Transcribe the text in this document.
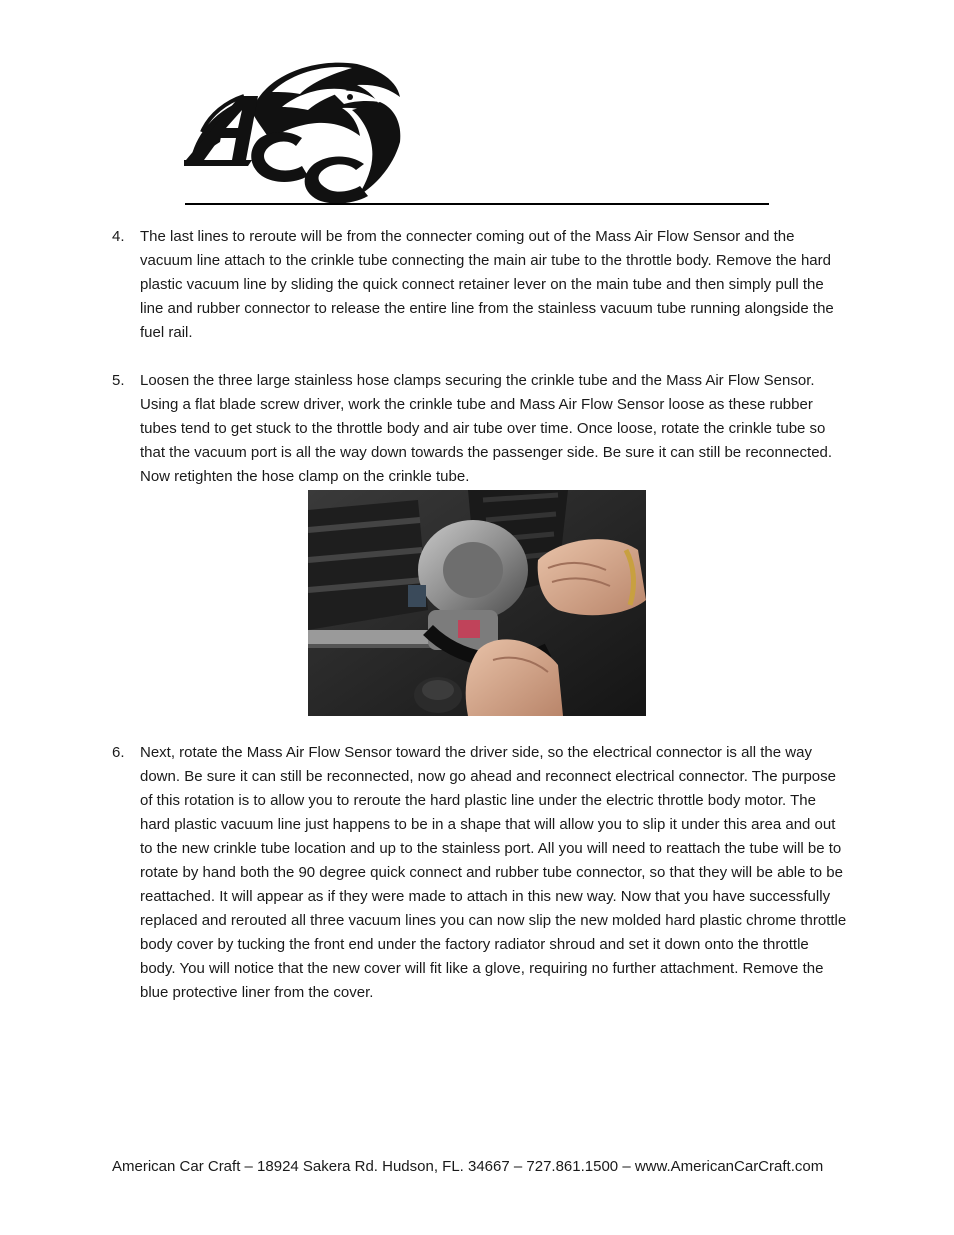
4.	The last lines to reroute will be from the connecter coming out of the Mass Air Flow Sensor and the vacuum line attach to the crinkle tube connecting the main air tube to the throttle body. Remove the hard plastic vacuum line by sliding the quick connect retainer lever on the main tube and then simply pull the line and rubber connector to release the entire line from the stainless vacuum tube running alongside the fuel rail.
5.	Loosen the three large stainless hose clamps securing the crinkle tube and the Mass Air Flow Sensor. Using a flat blade screw driver, work the crinkle tube and Mass Air Flow Sensor loose as these rubber tubes tend to get stuck to the throttle body and air tube over time. Once loose, rotate the crinkle tube so that the vacuum port is all the way down towards the passenger side. Be sure it can still be reconnected. Now retighten the hose clamp on the crinkle tube.
6.	Next, rotate the Mass Air Flow Sensor toward the driver side, so the electrical connector is all the way down. Be sure it can still be reconnected, now go ahead and reconnect electrical connector. The purpose of this rotation is to allow you to reroute the hard plastic line under the electric throttle body motor. The hard plastic vacuum line just happens to be in a shape that will allow you to slip it under this area and out to the new crinkle tube location and up to the stainless port. All you will need to reattach the tube will be to rotate by hand both the 90 degree quick connect and rubber tube connector, so that they will be able to be reattached. It will appear as if they were made to attach in this new way. Now that you have successfully replaced and rerouted all three vacuum lines you can now slip the new molded hard plastic chrome throttle body cover by tucking the front end under the factory radiator shroud and set it down onto the throttle body. You will notice that the new cover will fit like a glove, requiring no further attachment. Remove the blue protective liner from the cover.
American Car Craft – 18924 Sakera Rd. Hudson, FL. 34667 – 727.861.1500 – www.AmericanCarCraft.com
